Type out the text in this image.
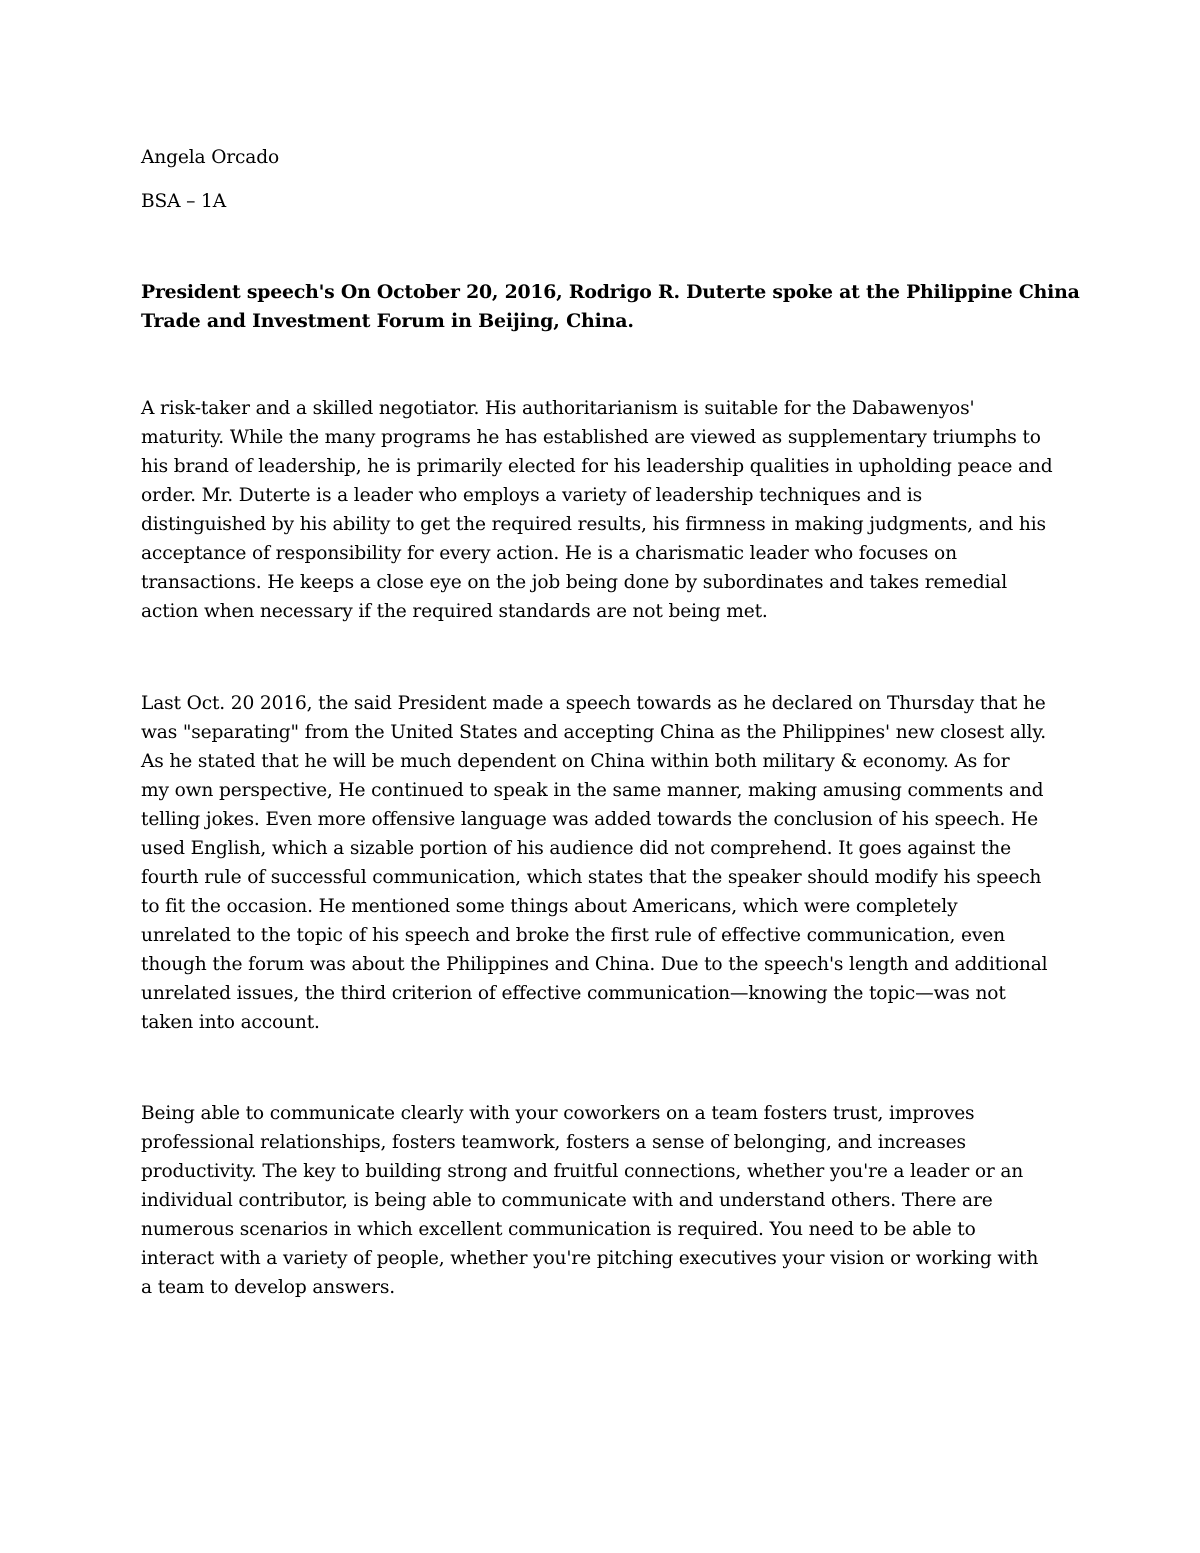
Angela Orcado
BSA – 1A
President speech's On October 20, 2016, Rodrigo R. Duterte spoke at the Philippine China
Trade and Investment Forum in Beijing, China.
A risk-taker and a skilled negotiator. His authoritarianism is suitable for the Dabawenyos'
maturity. While the many programs he has established are viewed as supplementary triumphs to
his brand of leadership, he is primarily elected for his leadership qualities in upholding peace and
order. Mr. Duterte is a leader who employs a variety of leadership techniques and is
distinguished by his ability to get the required results, his firmness in making judgments, and his
acceptance of responsibility for every action. He is a charismatic leader who focuses on
transactions. He keeps a close eye on the job being done by subordinates and takes remedial
action when necessary if the required standards are not being met.
Last Oct. 20 2016, the said President made a speech towards as he declared on Thursday that he
was "separating" from the United States and accepting China as the Philippines' new closest ally.
As he stated that he will be much dependent on China within both military & economy. As for
my own perspective, He continued to speak in the same manner, making amusing comments and
telling jokes. Even more offensive language was added towards the conclusion of his speech. He
used English, which a sizable portion of his audience did not comprehend. It goes against the
fourth rule of successful communication, which states that the speaker should modify his speech
to fit the occasion. He mentioned some things about Americans, which were completely
unrelated to the topic of his speech and broke the first rule of effective communication, even
though the forum was about the Philippines and China. Due to the speech's length and additional
unrelated issues, the third criterion of effective communication—knowing the topic—was not
taken into account.
Being able to communicate clearly with your coworkers on a team fosters trust, improves
professional relationships, fosters teamwork, fosters a sense of belonging, and increases
productivity. The key to building strong and fruitful connections, whether you're a leader or an
individual contributor, is being able to communicate with and understand others. There are
numerous scenarios in which excellent communication is required. You need to be able to
interact with a variety of people, whether you're pitching executives your vision or working with
a team to develop answers.
